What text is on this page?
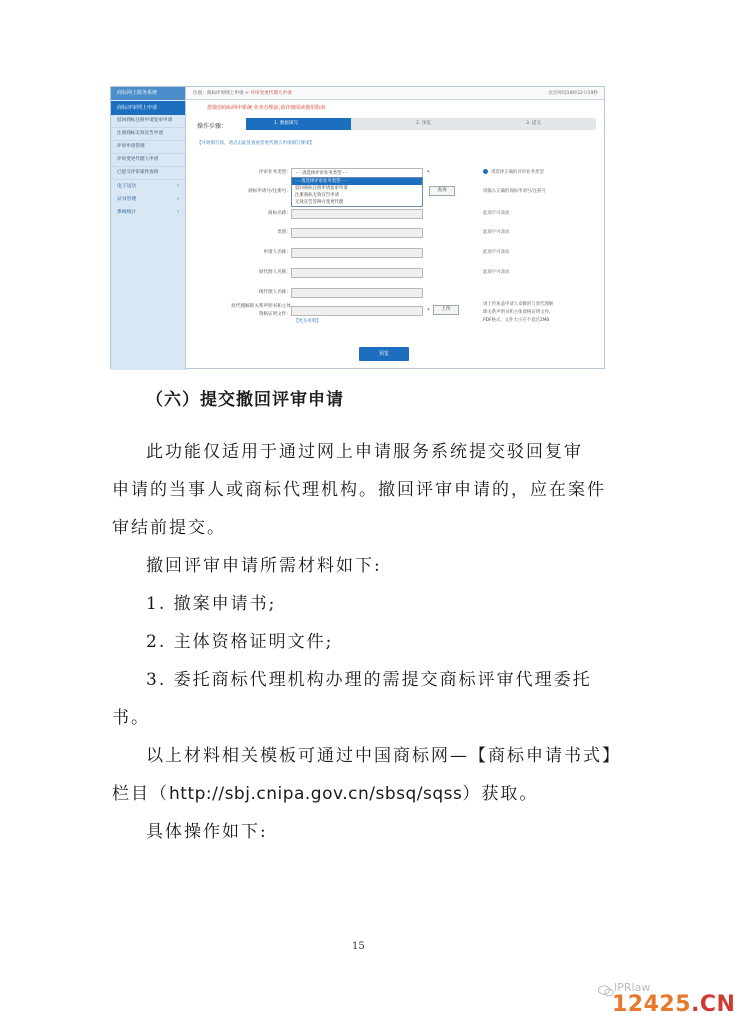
商标网上服务系统
商标评审网上申请
驳回商标注册申请复审申请
注册商标无效宣告申请
评审申请管理
评审变更代理人申请
已提交评审案件查询
电子送达	›
证书管理	›
系统统计	›
位置：商标评审网上申请 > 评审变更代理人申请	北京时间10时22分19秒
您使用商标网申系统 业务办理前,请详细阅读使用指南
操作步骤：	1. 数据填写	2. 预览	3. 提交
【开始填写前，请点击此处查看变更代理人申请填写要求】
评审业务类型：	- - 请选择评审业务类型 - -	*	请选择正确的评审业务类型
- - 请选择评审业务类型 - -
驳回商标注册申请复审申请
注册商标无效宣告申请
无效宣告答辩方变更代理
商标申请号/注册号：	查询	请输入正确的商标申请号/注册号
商标名称：	此项不可改动
类别：	此项不可改动
申请人名称：	此项不可改动
原代理人名称：	此项不可改动
现代理人名称：
原代理解除关系声明书和主体
资格证明文件：
*	上传
请上传加盖申请人章戳的与原代理解
除关系声明书和主体资格证明文件，
PDF格式，文件大小应不超过2MB
【更多说明】
预览
（六）提交撤回评审申请
此功能仅适用于通过网上申请服务系统提交驳回复审
申请的当事人或商标代理机构。撤回评审申请的，应在案件
审结前提交。
撤回评审申请所需材料如下:
1. 撤案申请书;
2. 主体资格证明文件;
3. 委托商标代理机构办理的需提交商标评审代理委托
书。
以上材料相关模板可通过中国商标网—【商标申请书式】
栏目（http://sbj.cnipa.gov.cn/sbsq/sqss）获取。
具体操作如下:
15
IPRlaw
12425.CN
